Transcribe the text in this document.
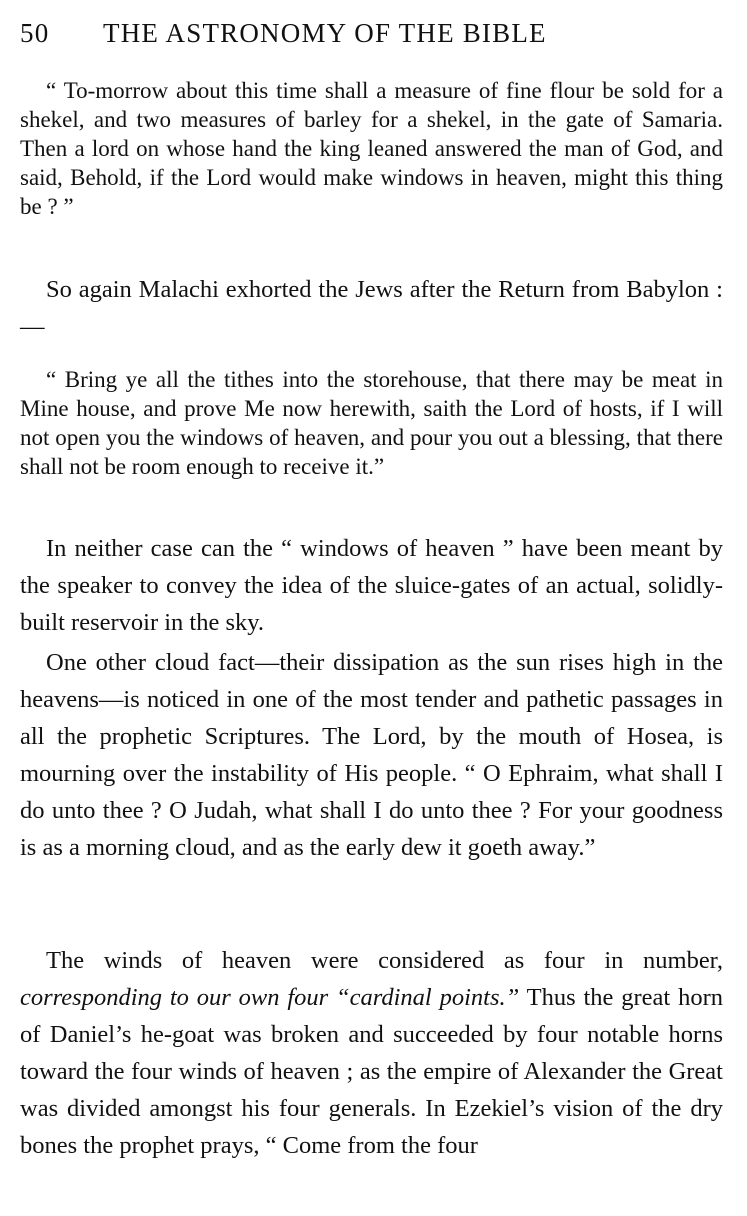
50 THE ASTRONOMY OF THE BIBLE

“ To-morrow about this time shall a measure of fine flour be sold for a shekel, and two measures of barley for a shekel, in the gate of Samaria. Then a lord on whose hand the king leaned answered the man of God, and said, Behold, if the Lord would make windows in heaven, might this thing be ? ”

So again Malachi exhorted the Jews after the Return from Babylon :—

“ Bring ye all the tithes into the storehouse, that there may be meat in Mine house, and prove Me now herewith, saith the Lord of hosts, if I will not open you the windows of heaven, and pour you out a blessing, that there shall not be room enough to receive it.”

In neither case can the “ windows of heaven ” have been meant by the speaker to convey the idea of the sluice-gates of an actual, solidly-built reservoir in the sky.

One other cloud fact—their dissipation as the sun rises high in the heavens—is noticed in one of the most tender and pathetic passages in all the prophetic Scriptures. The Lord, by the mouth of Hosea, is mourning over the instability of His people. “ O Ephraim, what shall I do unto thee ? O Judah, what shall I do unto thee ? For your goodness is as a morning cloud, and as the early dew it goeth away.”

The winds of heaven were considered as four in number, corresponding to our own four “cardinal points.” Thus the great horn of Daniel’s he-goat was broken and succeeded by four notable horns toward the four winds of heaven ; as the empire of Alexander the Great was divided amongst his four generals. In Ezekiel’s vision of the dry bones the prophet prays, “ Come from the four
